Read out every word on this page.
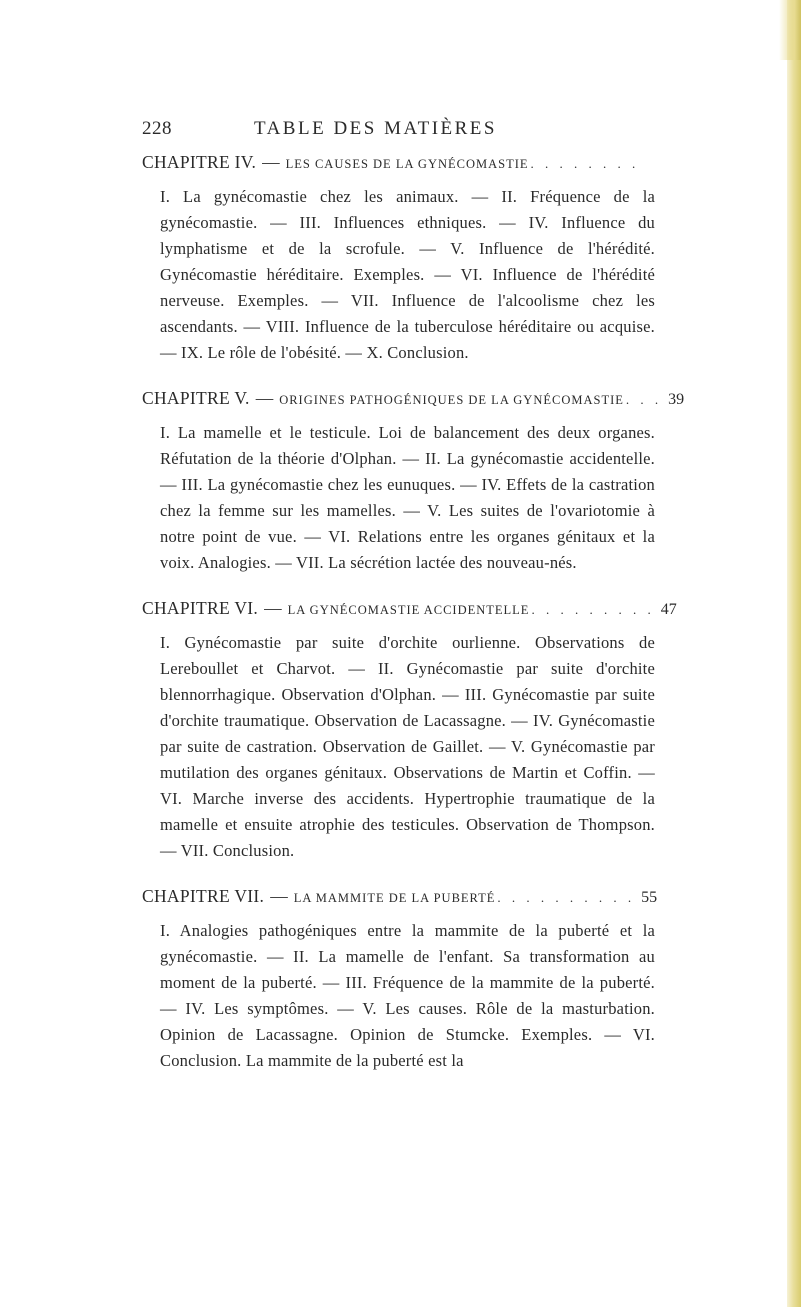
228	TABLE DES MATIÈRES
CHAPITRE IV. — LES CAUSES DE LA GYNÉCOMASTIE . . . . . . . .

I. La gynécomastie chez les animaux. — II. Fréquence de la gynécomastie. — III. Influences ethniques. — IV. Influence du lymphatisme et de la scrofule. — V. Influence de l'hérédité. Gynécomastie héréditaire. Exemples. — VI. Influence de l'hérédité nerveuse. Exemples. — VII. Influence de l'alcoolisme chez les ascendants. — VIII. Influence de la tuberculose héréditaire ou acquise. — IX. Le rôle de l'obésité. — X. Conclusion.

CHAPITRE V. — ORIGINES PATHOGÉNIQUES DE LA GYNÉCOMASTIE . . . 39

I. La mamelle et le testicule. Loi de balancement des deux organes. Réfutation de la théorie d'Olphan. — II. La gynécomastie accidentelle. — III. La gynécomastie chez les eunuques. — IV. Effets de la castration chez la femme sur les mamelles. — V. Les suites de l'ovariotomie à notre point de vue. — VI. Relations entre les organes génitaux et la voix. Analogies. — VII. La sécrétion lactée des nouveau-nés.

CHAPITRE VI. — LA GYNÉCOMASTIE ACCIDENTELLE . . . . . . . . . 47

I. Gynécomastie par suite d'orchite ourlienne. Observations de Lereboullet et Charvot. — II. Gynécomastie par suite d'orchite blennorrhagique. Observation d'Olphan. — III. Gynécomastie par suite d'orchite traumatique. Observation de Lacassagne. — IV. Gynécomastie par suite de castration. Observation de Gaillet. — V. Gynécomastie par mutilation des organes génitaux. Observations de Martin et Coffin. — VI. Marche inverse des accidents. Hypertrophie traumatique de la mamelle et ensuite atrophie des testicules. Observation de Thompson. — VII. Conclusion.

CHAPITRE VII. — LA MAMMITE DE LA PUBERTÉ . . . . . . . . . . 55

I. Analogies pathogéniques entre la mammite de la puberté et la gynécomastie. — II. La mamelle de l'enfant. Sa transformation au moment de la puberté. — III. Fréquence de la mammite de la puberté. — IV. Les symptômes. — V. Les causes. Rôle de la masturbation. Opinion de Lacassagne. Opinion de Stumcke. Exemples. — VI. Conclusion. La mammite de la puberté est la
